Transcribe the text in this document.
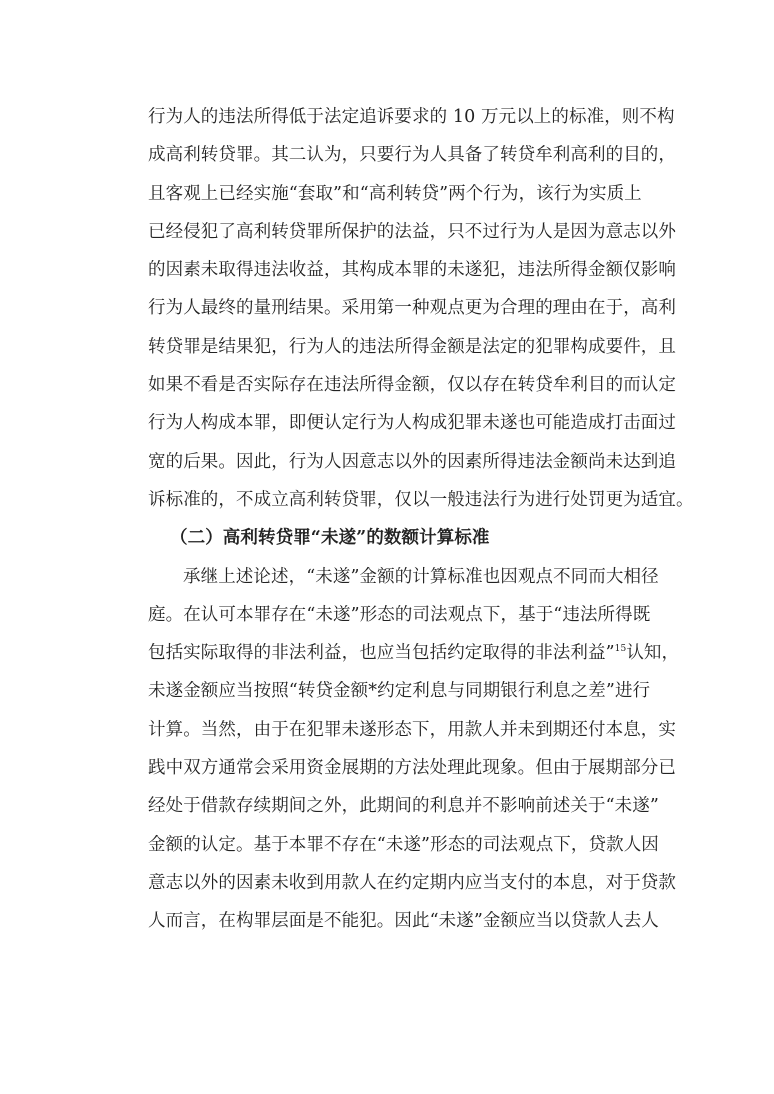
行为人的违法所得低于法定追诉要求的 10 万元以上的标准，则不构
成高利转贷罪。其二认为，只要行为人具备了转贷牟利高利的目的，
且客观上已经实施“套取”和“高利转贷”两个行为，该行为实质上
已经侵犯了高利转贷罪所保护的法益，只不过行为人是因为意志以外
的因素未取得违法收益，其构成本罪的未遂犯，违法所得金额仅影响
行为人最终的量刑结果。采用第一种观点更为合理的理由在于，高利
转贷罪是结果犯，行为人的违法所得金额是法定的犯罪构成要件，且
如果不看是否实际存在违法所得金额，仅以存在转贷牟利目的而认定
行为人构成本罪，即便认定行为人构成犯罪未遂也可能造成打击面过
宽的后果。因此，行为人因意志以外的因素所得违法金额尚未达到追
诉标准的，不成立高利转贷罪，仅以一般违法行为进行处罚更为适宜。
（二）高利转贷罪“未遂”的数额计算标准
承继上述论述，“未遂”金额的计算标准也因观点不同而大相径
庭。在认可本罪存在“未遂”形态的司法观点下，基于“违法所得既
包括实际取得的非法利益，也应当包括约定取得的非法利益”$^{15}$认知，
未遂金额应当按照“转贷金额*约定利息与同期银行利息之差”进行
计算。当然，由于在犯罪未遂形态下，用款人并未到期还付本息，实
践中双方通常会采用资金展期的方法处理此现象。但由于展期部分已
经处于借款存续期间之外，此期间的利息并不影响前述关于“未遂”
金额的认定。基于本罪不存在“未遂”形态的司法观点下，贷款人因
意志以外的因素未收到用款人在约定期内应当支付的本息，对于贷款
人而言，在构罪层面是不能犯。因此“未遂”金额应当以贷款人去人
